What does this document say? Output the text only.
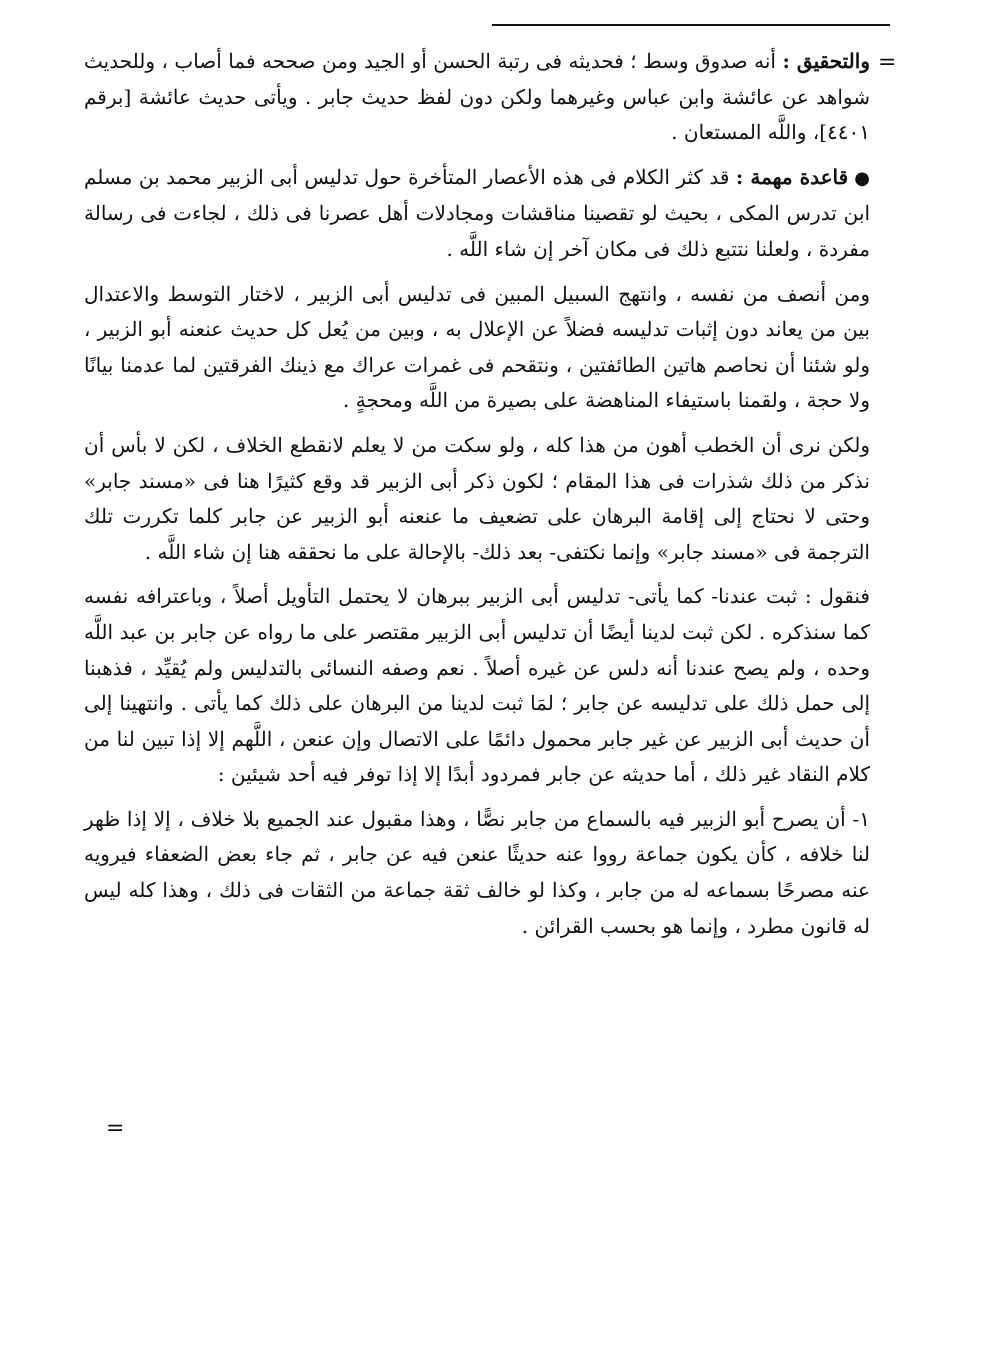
=

والتحقيق : أنه صدوق وسط ؛ فحديثه فى رتبة الحسن أو الجيد ومن صححه فما أصاب ، وللحديث شواهد عن عائشة وابن عباس وغيرهما ولكن دون لفظ حديث جابر . ويأتى حديث عائشة [برقم ٤٤٠١]، واللَّه المستعان .

●قاعدة مهمة : قد كثر الكلام فى هذه الأعصار المتأخرة حول تدليس أبى الزبير محمد بن مسلم ابن تدرس المكى ، بحيث لو تقصينا مناقشات ومجادلات أهل عصرنا فى ذلك ، لجاءت فى رسالة مفردة ، ولعلنا نتتبع ذلك فى مكان آخر إن شاء اللَّه .

ومن أنصف من نفسه ، وانتهج السبيل المبين فى تدليس أبى الزبير ، لاختار التوسط والاعتدال بين من يعاند دون إثبات تدليسه فضلاً عن الإعلال به ، وبين من يُعل كل حديث عنعنه أبو الزبير ، ولو شئنا أن نحاصم هاتين الطائفتين ، ونتقحم فى غمرات عراك مع ذينك الفرقتين لما عدمنا بيانًا ولا حجة ، ولقمنا باستيفاء المناهضة على بصيرة من اللَّه ومحجةٍ .

ولكن نرى أن الخطب أهون من هذا كله ، ولو سكت من لا يعلم لانقطع الخلاف ، لكن لا بأس أن نذكر من ذلك شذرات فى هذا المقام ؛ لكون ذكر أبى الزبير قد وقع كثيرًا هنا فى «مسند جابر» وحتى لا نحتاج إلى إقامة البرهان على تضعيف ما عنعنه أبو الزبير عن جابر كلما تكررت تلك الترجمة فى «مسند جابر» وإنما نكتفى- بعد ذلك- بالإحالة على ما نحققه هنا إن شاء اللَّه .

فنقول : ثبت عندنا- كما يأتى- تدليس أبى الزبير ببرهان لا يحتمل التأويل أصلاً ، وباعترافه نفسه كما سنذكره . لكن ثبت لدينا أيضًا أن تدليس أبى الزبير مقتصر على ما رواه عن جابر بن عبد اللَّه وحده ، ولم يصح عندنا أنه دلس عن غيره أصلاً . نعم وصفه النسائى بالتدليس ولم يُقيِّد ، فذهبنا إلى حمل ذلك على تدليسه عن جابر ؛ لمَا ثبت لدينا من البرهان على ذلك كما يأتى . وانتهينا إلى أن حديث أبى الزبير عن غير جابر محمول دائمًا على الاتصال وإن عنعن ، اللَّهم إلا إذا تبين لنا من كلام النقاد غير ذلك ، أما حديثه عن جابر فمردود أبدًا إلا إذا توفر فيه أحد شيئين :

١- أن يصرح أبو الزبير فيه بالسماع من جابر نصًّا ، وهذا مقبول عند الجميع بلا خلاف ، إلا إذا ظهر لنا خلافه ، كأن يكون جماعة رووا عنه حديثًا عنعن فيه عن جابر ، ثم جاء بعض الضعفاء فيرويه عنه مصرحًا بسماعه له من جابر ، وكذا لو خالف ثقة جماعة من الثقات فى ذلك ، وهذا كله ليس له قانون مطرد ، وإنما هو بحسب القرائن .

=
